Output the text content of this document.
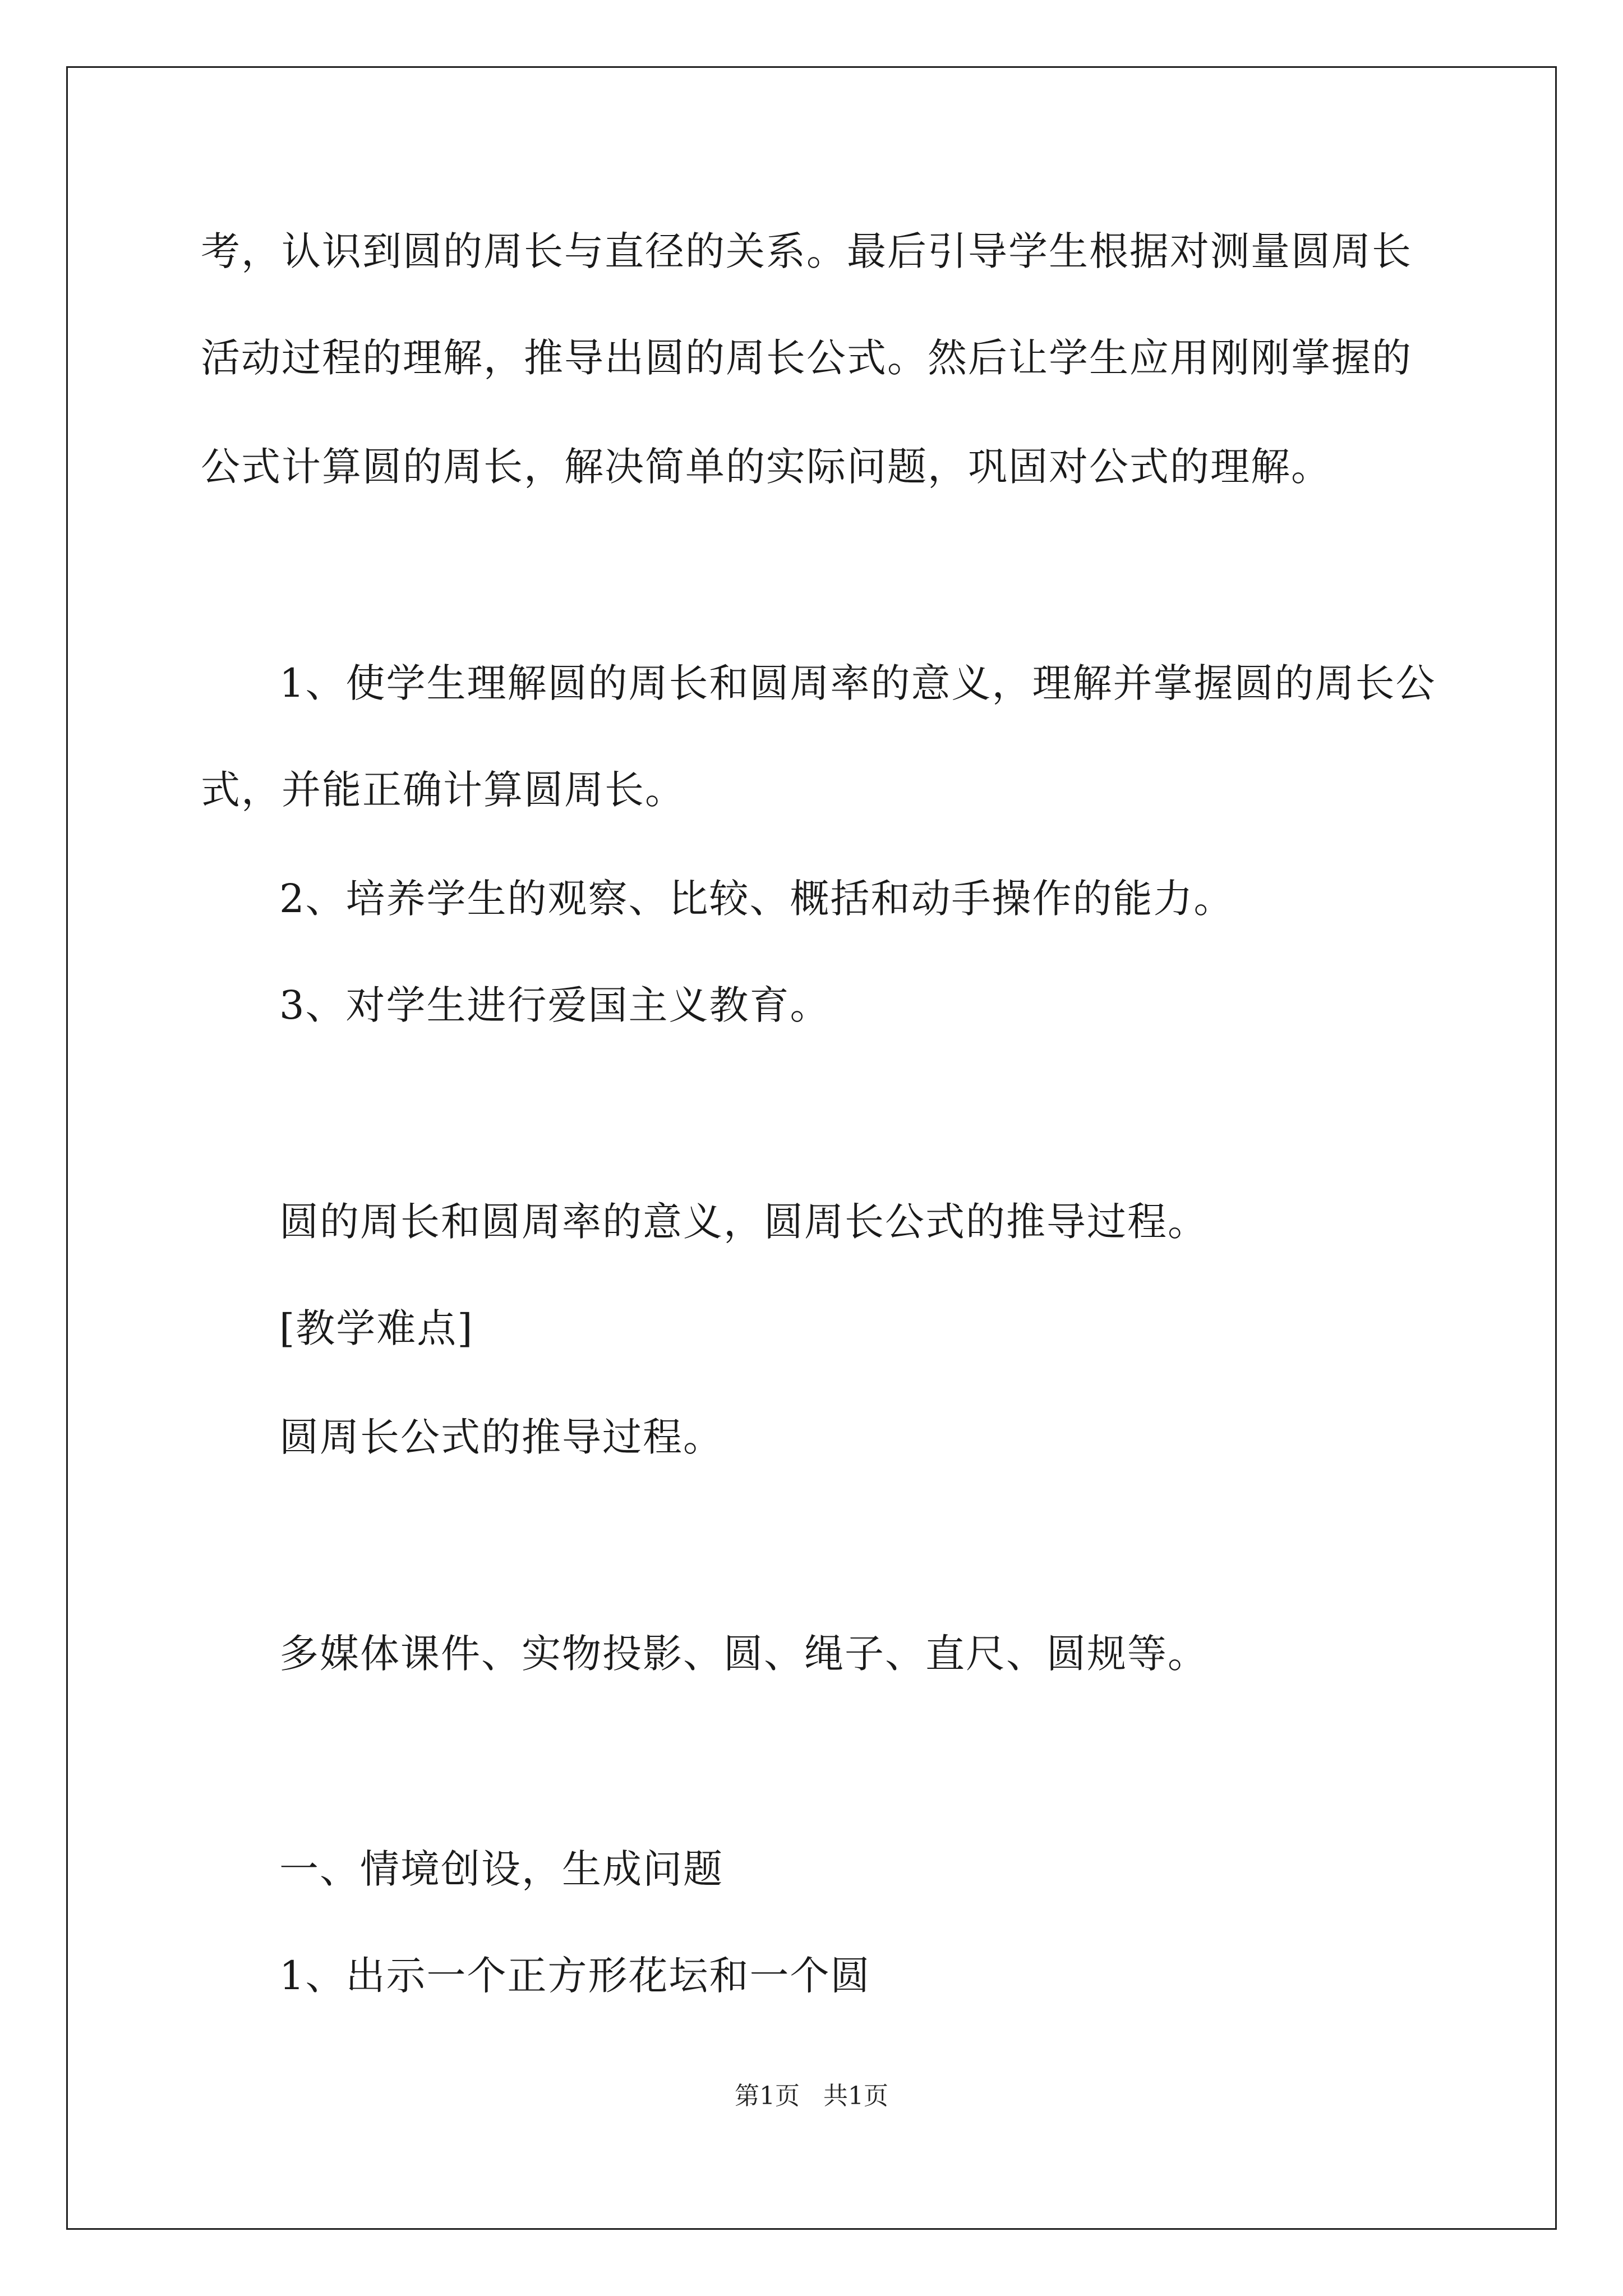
考，认识到圆的周长与直径的关系。最后引导学生根据对测量圆周长

活动过程的理解，推导出圆的周长公式。然后让学生应用刚刚掌握的

公式计算圆的周长，解决简单的实际问题，巩固对公式的理解。

1、使学生理解圆的周长和圆周率的意义，理解并掌握圆的周长公

式，并能正确计算圆周长。

2、培养学生的观察、比较、概括和动手操作的能力。

3、对学生进行爱国主义教育。

圆的周长和圆周率的意义，圆周长公式的推导过程。

[教学难点]

圆周长公式的推导过程。

多媒体课件、实物投影、圆、绳子、直尺、圆规等。

一、情境创设，生成问题

1、出示一个正方形花坛和一个圆

第1页   共1页
